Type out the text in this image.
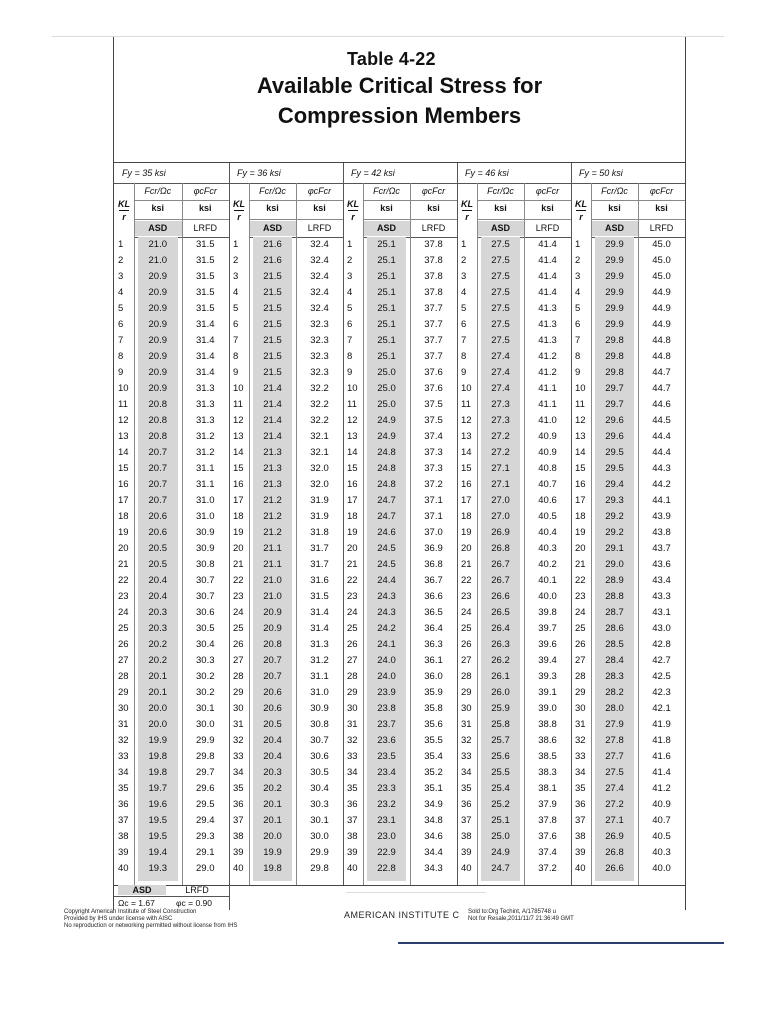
Table 4-22
Available Critical Stress for
Compression Members
Fy = 35 ksi
KL
r
Fcr/Ωc
ksi
ASD
21.0
21.0
20.9
20.9
20.9
20.9
20.9
20.9
20.9
20.9
20.8
20.8
20.8
20.7
20.7
20.7
20.7
20.6
20.6
20.5
20.5
20.4
20.4
20.3
20.3
20.2
20.2
20.1
20.1
20.0
20.0
19.9
19.8
19.8
19.7
19.6
19.5
19.5
19.4
19.3
φcFcr
ksi
LRFD
31.5
31.5
31.5
31.5
31.5
31.4
31.4
31.4
31.4
31.3
31.3
31.3
31.2
31.2
31.1
31.1
31.0
31.0
30.9
30.9
30.8
30.7
30.7
30.6
30.5
30.4
30.3
30.2
30.2
30.1
30.0
29.9
29.8
29.7
29.6
29.5
29.4
29.3
29.1
29.0
1
2
3
4
5
6
7
8
9
10
11
12
13
14
15
16
17
18
19
20
21
22
23
24
25
26
27
28
29
30
31
32
33
34
35
36
37
38
39
40
Fy = 36 ksi
KL
r
Fcr/Ωc
ksi
ASD
21.6
21.6
21.5
21.5
21.5
21.5
21.5
21.5
21.5
21.4
21.4
21.4
21.4
21.3
21.3
21.3
21.2
21.2
21.2
21.1
21.1
21.0
21.0
20.9
20.9
20.8
20.7
20.7
20.6
20.6
20.5
20.4
20.4
20.3
20.2
20.1
20.1
20.0
19.9
19.8
φcFcr
ksi
LRFD
32.4
32.4
32.4
32.4
32.4
32.3
32.3
32.3
32.3
32.2
32.2
32.2
32.1
32.1
32.0
32.0
31.9
31.9
31.8
31.7
31.7
31.6
31.5
31.4
31.4
31.3
31.2
31.1
31.0
30.9
30.8
30.7
30.6
30.5
30.4
30.3
30.1
30.0
29.9
29.8
1
2
3
4
5
6
7
8
9
10
11
12
13
14
15
16
17
18
19
20
21
22
23
24
25
26
27
28
29
30
31
32
33
34
35
36
37
38
39
40
Fy = 42 ksi
KL
r
Fcr/Ωc
ksi
ASD
25.1
25.1
25.1
25.1
25.1
25.1
25.1
25.1
25.0
25.0
25.0
24.9
24.9
24.8
24.8
24.8
24.7
24.7
24.6
24.5
24.5
24.4
24.3
24.3
24.2
24.1
24.0
24.0
23.9
23.8
23.7
23.6
23.5
23.4
23.3
23.2
23.1
23.0
22.9
22.8
φcFcr
ksi
LRFD
37.8
37.8
37.8
37.8
37.7
37.7
37.7
37.7
37.6
37.6
37.5
37.5
37.4
37.3
37.3
37.2
37.1
37.1
37.0
36.9
36.8
36.7
36.6
36.5
36.4
36.3
36.1
36.0
35.9
35.8
35.6
35.5
35.4
35.2
35.1
34.9
34.8
34.6
34.4
34.3
1
2
3
4
5
6
7
8
9
10
11
12
13
14
15
16
17
18
19
20
21
22
23
24
25
26
27
28
29
30
31
32
33
34
35
36
37
38
39
40
Fy = 46 ksi
KL
r
Fcr/Ωc
ksi
ASD
27.5
27.5
27.5
27.5
27.5
27.5
27.5
27.4
27.4
27.4
27.3
27.3
27.2
27.2
27.1
27.1
27.0
27.0
26.9
26.8
26.7
26.7
26.6
26.5
26.4
26.3
26.2
26.1
26.0
25.9
25.8
25.7
25.6
25.5
25.4
25.2
25.1
25.0
24.9
24.7
φcFcr
ksi
LRFD
41.4
41.4
41.4
41.4
41.3
41.3
41.3
41.2
41.2
41.1
41.1
41.0
40.9
40.9
40.8
40.7
40.6
40.5
40.4
40.3
40.2
40.1
40.0
39.8
39.7
39.6
39.4
39.3
39.1
39.0
38.8
38.6
38.5
38.3
38.1
37.9
37.8
37.6
37.4
37.2
1
2
3
4
5
6
7
8
9
10
11
12
13
14
15
16
17
18
19
20
21
22
23
24
25
26
27
28
29
30
31
32
33
34
35
36
37
38
39
40
Fy = 50 ksi
KL
r
Fcr/Ωc
ksi
ASD
29.9
29.9
29.9
29.9
29.9
29.9
29.8
29.8
29.8
29.7
29.7
29.6
29.6
29.5
29.5
29.4
29.3
29.2
29.2
29.1
29.0
28.9
28.8
28.7
28.6
28.5
28.4
28.3
28.2
28.0
27.9
27.8
27.7
27.5
27.4
27.2
27.1
26.9
26.8
26.6
φcFcr
ksi
LRFD
45.0
45.0
45.0
44.9
44.9
44.9
44.8
44.8
44.7
44.7
44.6
44.5
44.4
44.4
44.3
44.2
44.1
43.9
43.8
43.7
43.6
43.4
43.3
43.1
43.0
42.8
42.7
42.5
42.3
42.1
41.9
41.8
41.6
41.4
41.2
40.9
40.7
40.5
40.3
40.0
1
2
3
4
5
6
7
8
9
10
11
12
13
14
15
16
17
18
19
20
21
22
23
24
25
26
27
28
29
30
31
32
33
34
35
36
37
38
39
40
ASD	LRFD
Ωc = 1.67 φc = 0.90
Copyright American Institute of Steel Construction
Provided by IHS under license with AISC
No reproduction or networking permitted without license from IHS
AMERICAN INSTITUTE C Sold to:Org Techint, A/1785748 u
Not for Resale,2011/11/7 21:36:49 GMT
